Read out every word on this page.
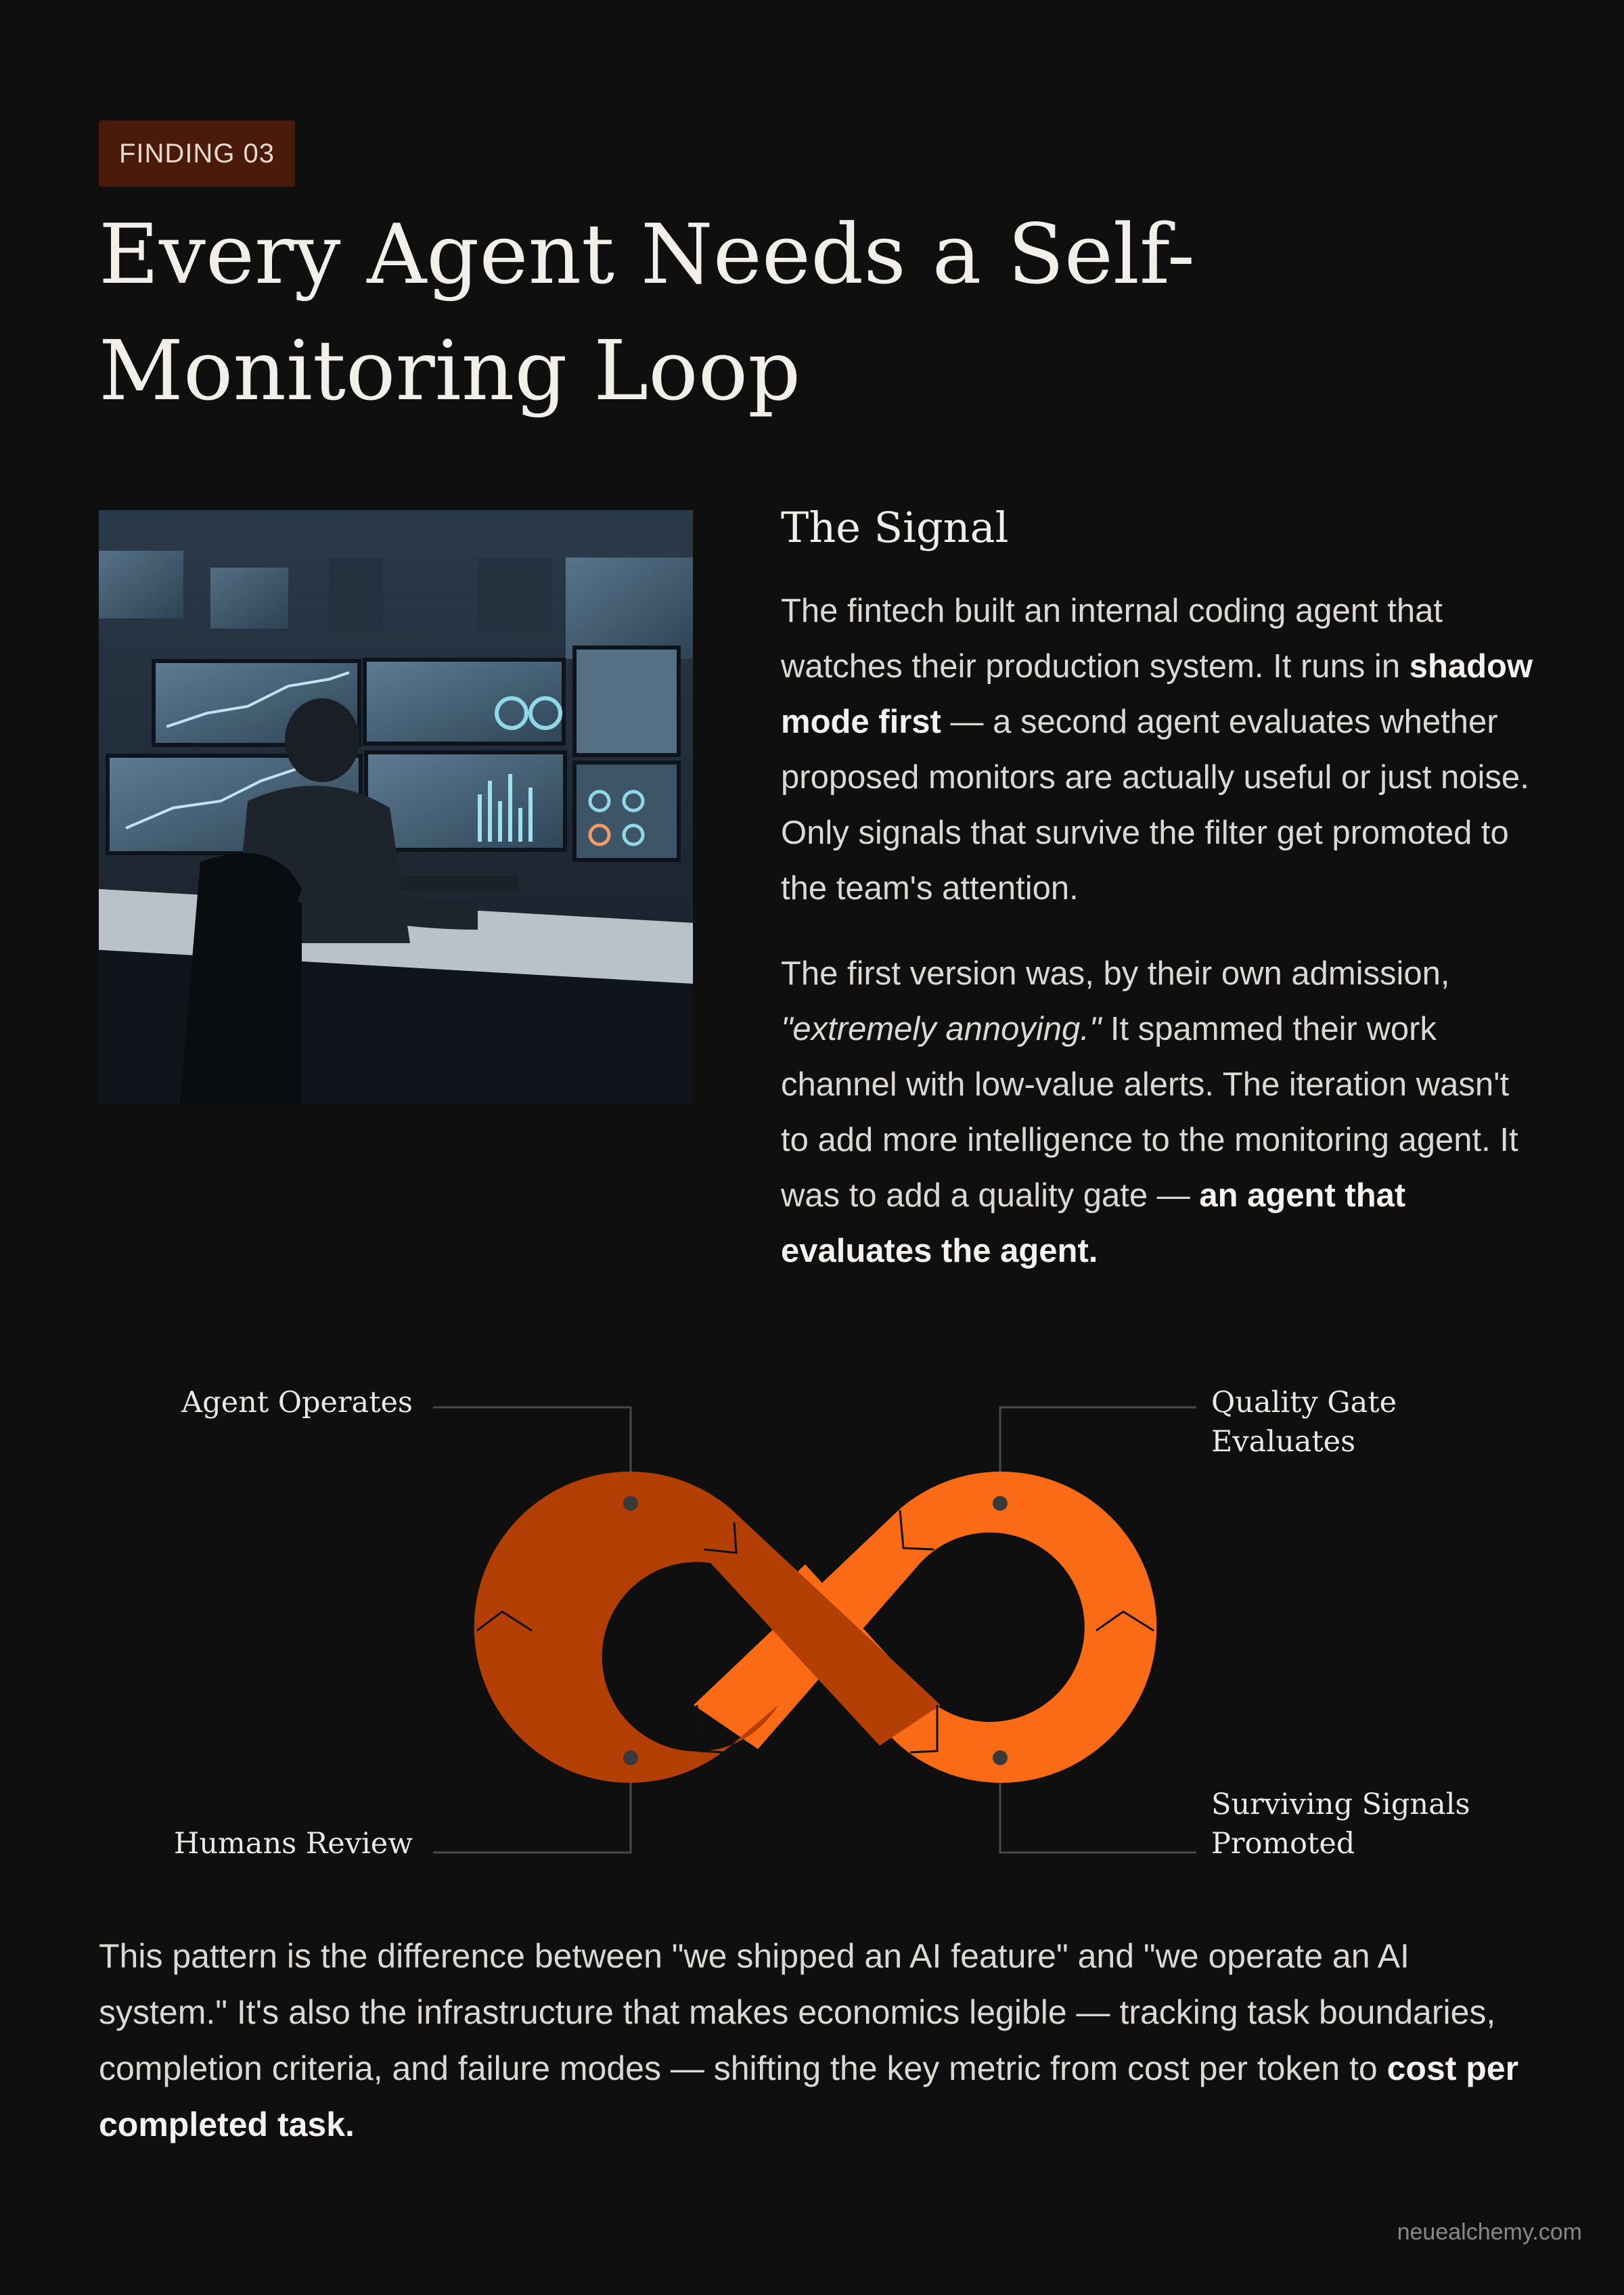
FINDING 03
Every Agent Needs a Self-Monitoring Loop
The Signal

The fintech built an internal coding agent that watches their production system. It runs in shadow mode first — a second agent evaluates whether proposed monitors are actually useful or just noise. Only signals that survive the filter get promoted to the team's attention.

The first version was, by their own admission, "extremely annoying." It spammed their work channel with low-value alerts. The iteration wasn't to add more intelligence to the monitoring agent. It was to add a quality gate — an agent that evaluates the agent.

Agent Operates	Quality Gate
Evaluates
Humans Review
Surviving Signals
Promoted

This pattern is the difference between "we shipped an AI feature" and "we operate an AI system." It's also the infrastructure that makes economics legible — tracking task boundaries, completion criteria, and failure modes — shifting the key metric from cost per token to cost per completed task.

neuealchemy.com
